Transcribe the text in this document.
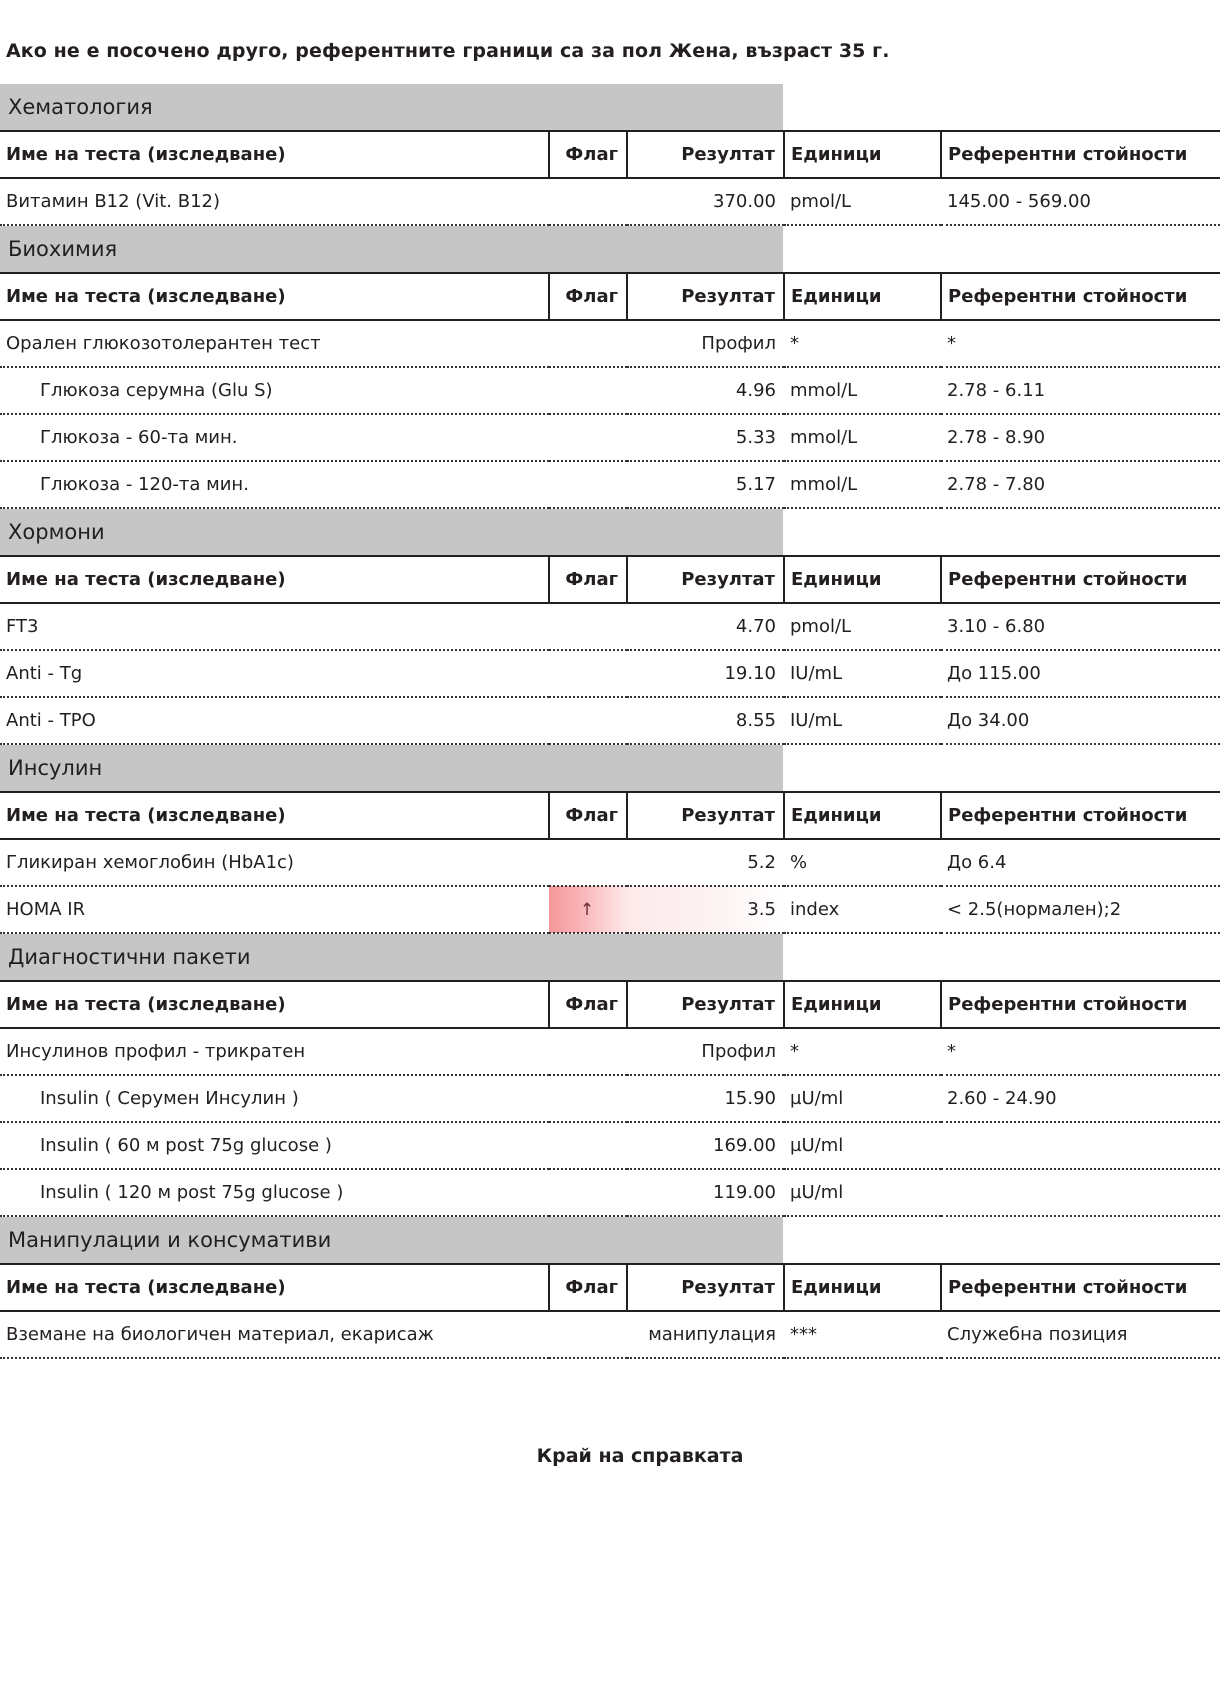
Ако не е посочено друго, референтните граници са за пол Жена, възраст 35 г.
Хематология
Име на теста (изследване)	Флаг	Резултат	Единици	Референтни стойности
Витамин B12 (Vit. B12)		370.00	pmol/L	145.00 - 569.00
Биохимия
Име на теста (изследване)	Флаг	Резултат	Единици	Референтни стойности
Орален глюкозотолерантен тест		Профил	*	*
Глюкоза серумна (Glu S)		4.96	mmol/L	2.78 - 6.11
Глюкоза - 60-та мин.		5.33	mmol/L	2.78 - 8.90
Глюкоза - 120-та мин.		5.17	mmol/L	2.78 - 7.80
Хормони
Име на теста (изследване)	Флаг	Резултат	Единици	Референтни стойности
FT3		4.70	pmol/L	3.10 - 6.80
Anti - Tg		19.10	IU/mL	До 115.00
Anti - TPO		8.55	IU/mL	До 34.00
Инсулин
Име на теста (изследване)	Флаг	Резултат	Единици	Референтни стойности
Гликиран хемоглобин (HbA1c)		5.2	%	До 6.4
HOMA IR	↑	3.5	index	< 2.5(нормален);2
Диагностични пакети
Име на теста (изследване)	Флаг	Резултат	Единици	Референтни стойности
Инсулинов профил - трикратен		Профил	*	*
Insulin ( Серумен Инсулин )		15.90	µU/ml	2.60 - 24.90
Insulin ( 60 м post 75g glucose )		169.00	µU/ml	
Insulin ( 120 м post 75g glucose )		119.00	µU/ml	
Манипулации и консумативи
Име на теста (изследване)	Флаг	Резултат	Единици	Референтни стойности
Вземане на биологичен материал, екарисаж		манипулация	***	Служебна позиция
Край на справката
